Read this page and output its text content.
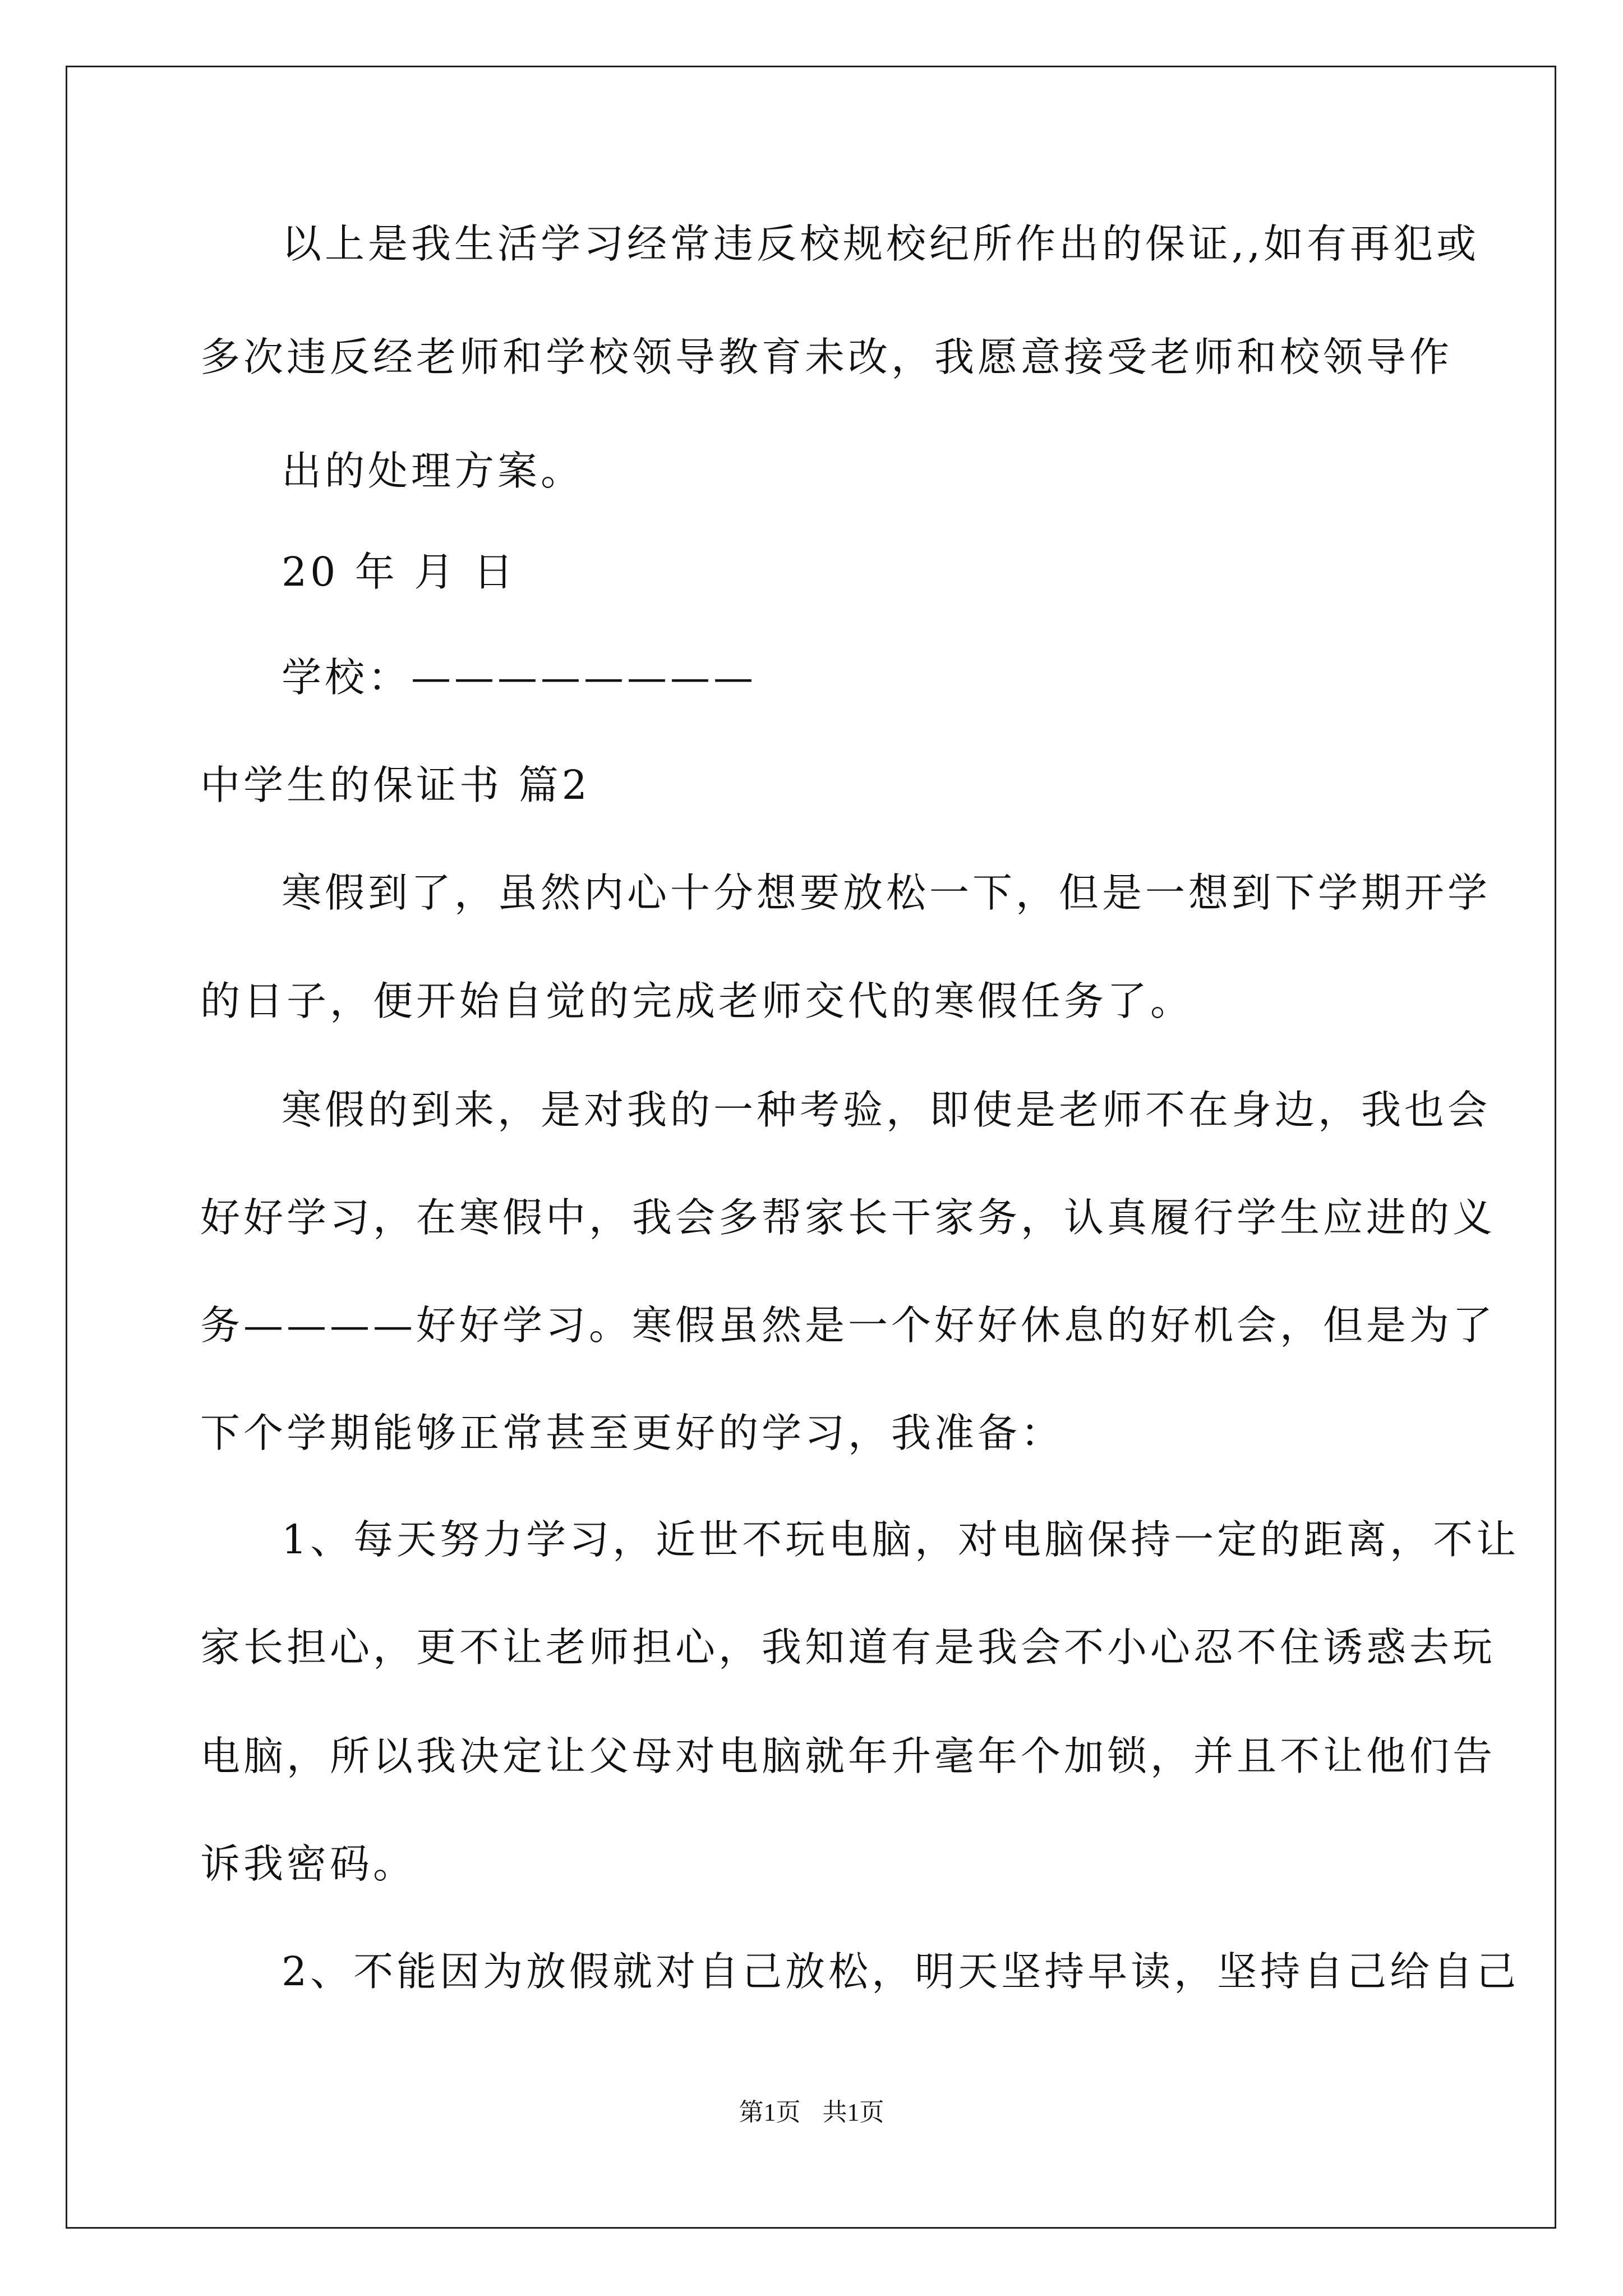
以上是我生活学习经常违反校规校纪所作出的保证,,如有再犯或
多次违反经老师和学校领导教育未改，我愿意接受老师和校领导作
出的处理方案。
20 年 月 日
学校：————————
中学生的保证书 篇2
寒假到了，虽然内心十分想要放松一下，但是一想到下学期开学
的日子，便开始自觉的完成老师交代的寒假任务了。
寒假的到来，是对我的一种考验，即使是老师不在身边，我也会
好好学习，在寒假中，我会多帮家长干家务，认真履行学生应进的义
务————好好学习。寒假虽然是一个好好休息的好机会，但是为了
下个学期能够正常甚至更好的学习，我准备：
1、每天努力学习，近世不玩电脑，对电脑保持一定的距离，不让
家长担心，更不让老师担心，我知道有是我会不小心忍不住诱惑去玩
电脑，所以我决定让父母对电脑就年升毫年个加锁，并且不让他们告
诉我密码。
2、不能因为放假就对自己放松，明天坚持早读，坚持自己给自己
第1页 共1页
